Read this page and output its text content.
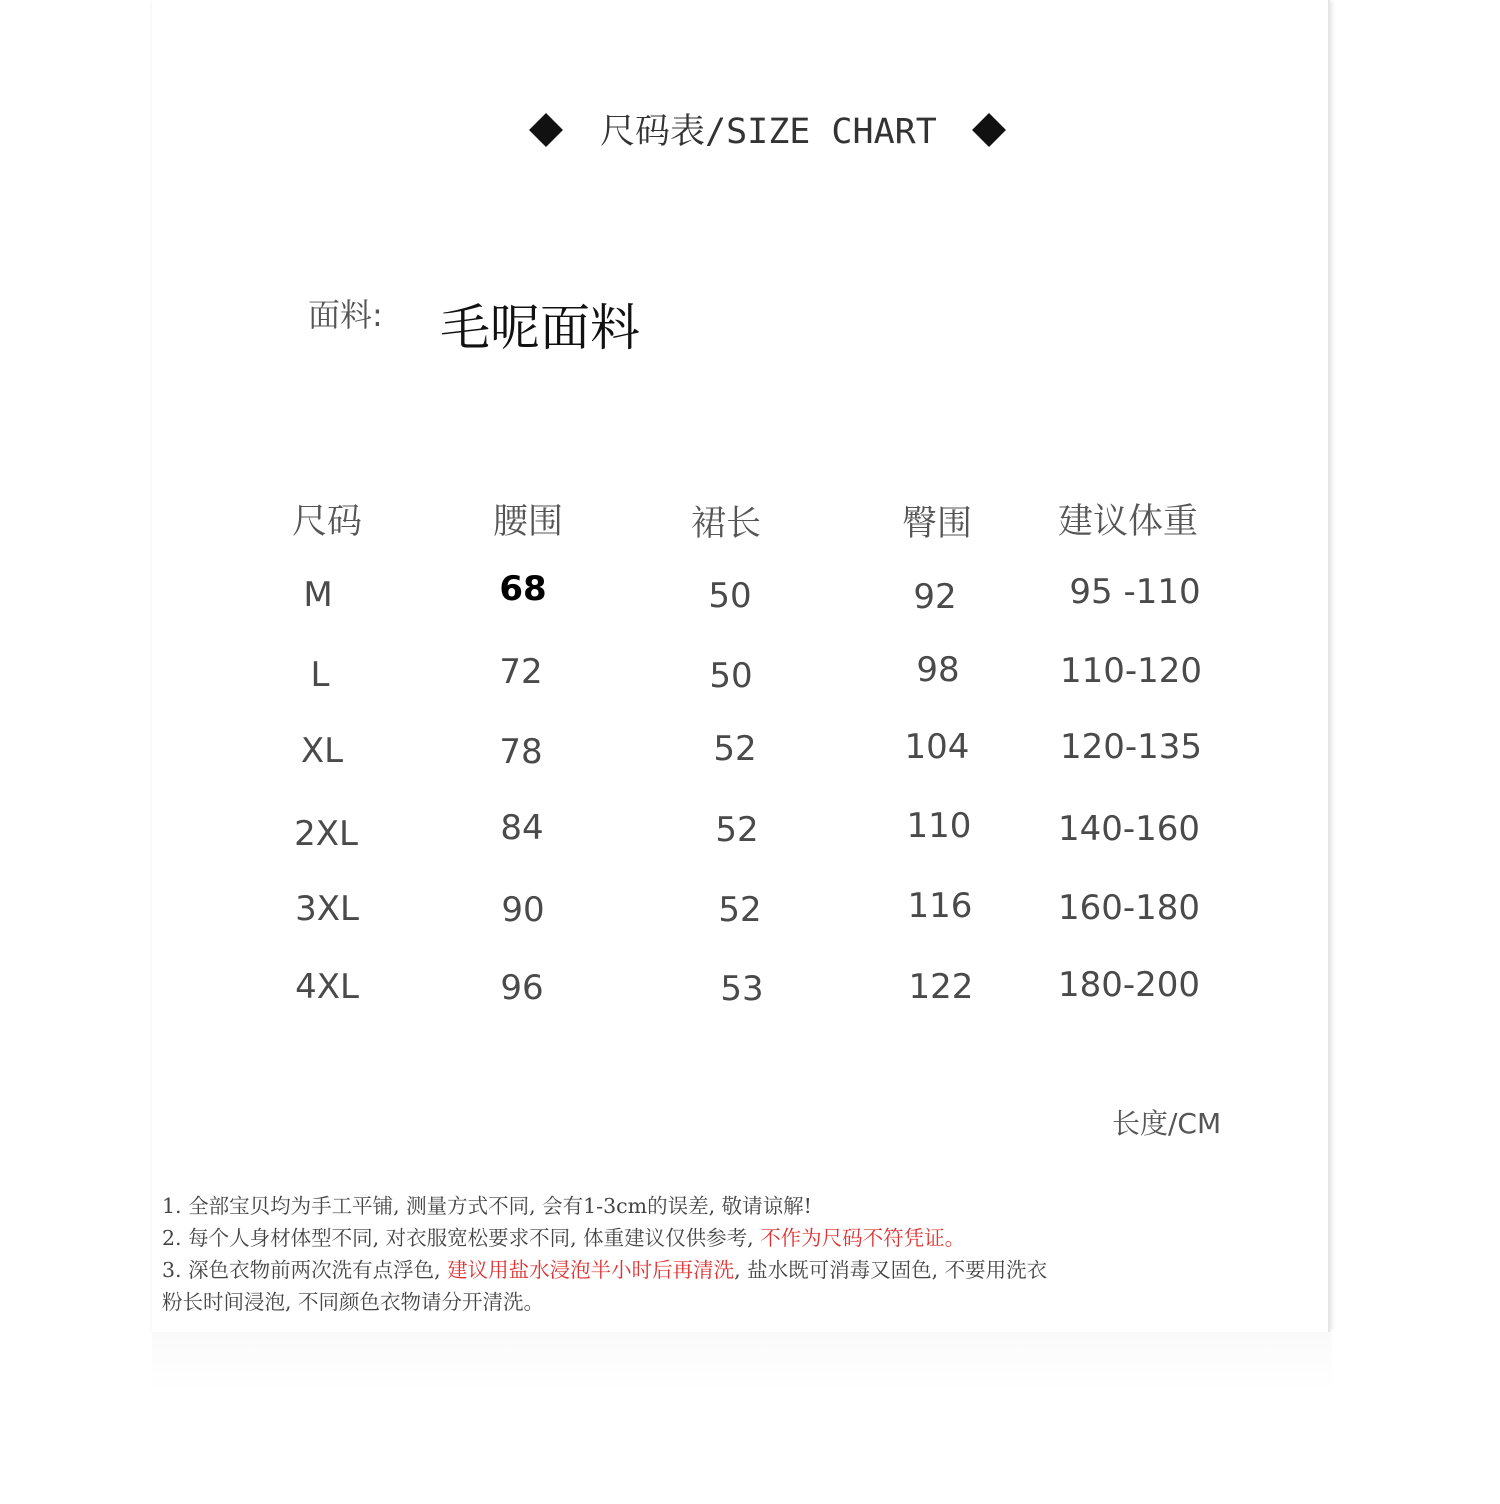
尺码表/SIZE CHART
面料: 毛呢面料
尺码	腰围	裙长	臀围	建议体重
M	68	50	92	95 -110
L	72	50	98	110-120
XL	78	52	104	120-135
2XL	84	52	110	140-160
3XL	90	52	116	160-180
4XL	96	53	122	180-200
长度/CM

1. 全部宝贝均为手工平铺, 测量方式不同, 会有1-3cm的误差, 敬请谅解!

2. 每个人身材体型不同, 对衣服宽松要求不同, 体重建议仅供参考, 不作为尺码不符凭证。

3. 深色衣物前两次洗有点浮色, 建议用盐水浸泡半小时后再清洗, 盐水既可消毒又固色, 不要用洗衣

粉长时间浸泡, 不同颜色衣物请分开清洗。
